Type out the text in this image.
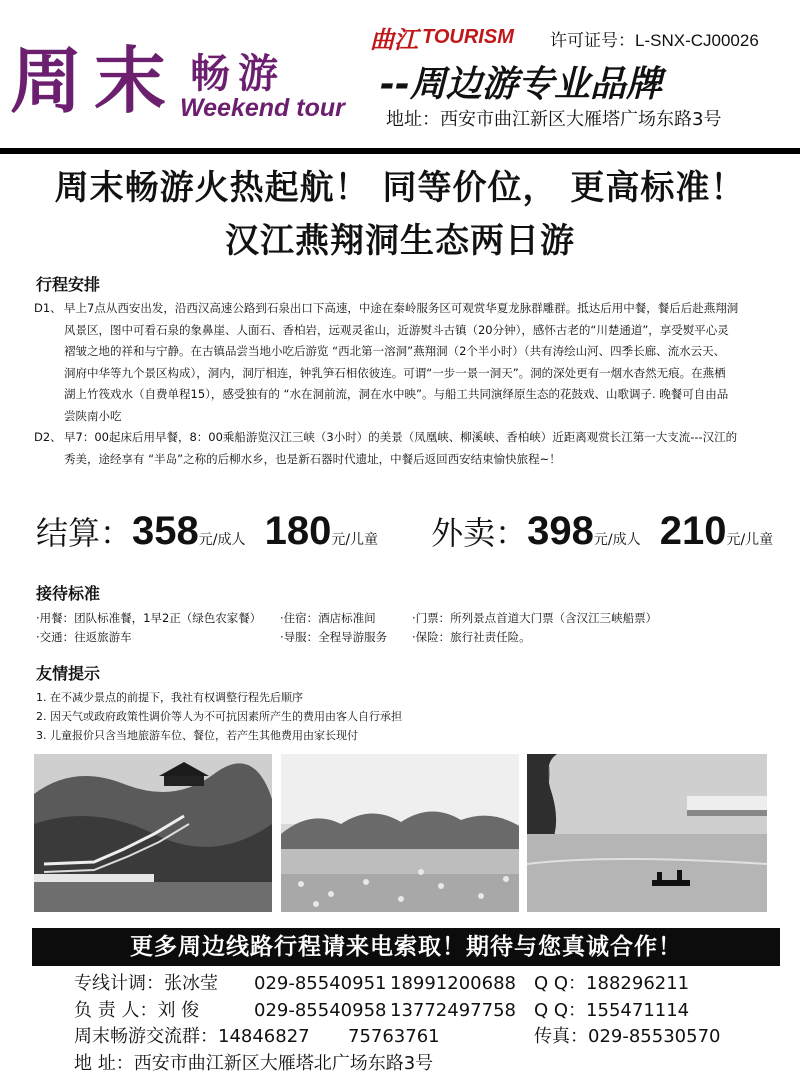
周 末 畅游
Weekend tour
曲江 TOURISM 许可证号：L-SNX-CJ00026
--周边游专业品牌
地址：西安市曲江新区大雁塔广场东路3号
周末畅游火热起航！ 同等价位， 更高标准！
汉江燕翔洞生态两日游
行程安排
D1、 早上7点从西安出发，沿西汉高速公路到石泉出口下高速，中途在秦岭服务区可观赏华夏龙脉群雕群。抵达后用中餐，餐后后赴燕翔洞

风景区，图中可看石泉的象鼻崖、人面石、香柏岩，远观灵雀山，近游熨斗古镇（20分钟），感怀古老的“川楚通道”，享受熨平心灵

褶皱之地的祥和与宁静。在古镇品尝当地小吃后游览 “西北第一溶洞”燕翔洞（2个半小时）（共有涛绘山河、四季长廊、流水云天、

洞府中华等九个景区构成），洞内，洞厅相连，钟乳笋石相依彼连。可谓“一步一景一洞天”。洞的深处更有一烟水杳然无痕。在燕栖

湖上竹筏戏水（自费单程15），感受独有的 “水在洞前流，洞在水中映”。与船工共同演绎原生态的花鼓戏、山歌调子. 晚餐可自由品

尝陕南小吃

D2、 早7：00起床后用早餐，8：00乘船游览汉江三峡（3小时）的美景（凤凰峡、柳溪峡、香柏峡）近距离观赏长江第一大支流---汉江的

秀美，途经享有 “半岛”之称的后柳水乡，也是新石器时代遗址，中餐后返回西安结束愉快旅程~！

结算：358元/成人 180元/儿童 外卖：398元/成人 210元/儿童
接待标准
·用餐：团队标准餐，1早2正（绿色农家餐） ·住宿：酒店标准间	·门票：所列景点首道大门票（含汉江三峡船票）
·交通：往返旅游车	·导服：全程导游服务 ·保险：旅行社责任险。
友情提示
1. 在不减少景点的前提下，我社有权调整行程先后顺序
2. 因天气或政府政策性调价等人为不可抗因素所产生的费用由客人自行承担
3. 儿童报价只含当地旅游车位、餐位，若产生其他费用由家长现付
更多周边线路行程请来电索取！期待与您真诚合作！
专线计调：张冰莹 029-85540951 18991200688 Q Q：188296211
负 责 人：刘 俊	029-85540958 13772497758 Q Q：155471114
周末畅游交流群：14846827 75763761	传真：029-85530570
地 址：西安市曲江新区大雁塔北广场东路3号
